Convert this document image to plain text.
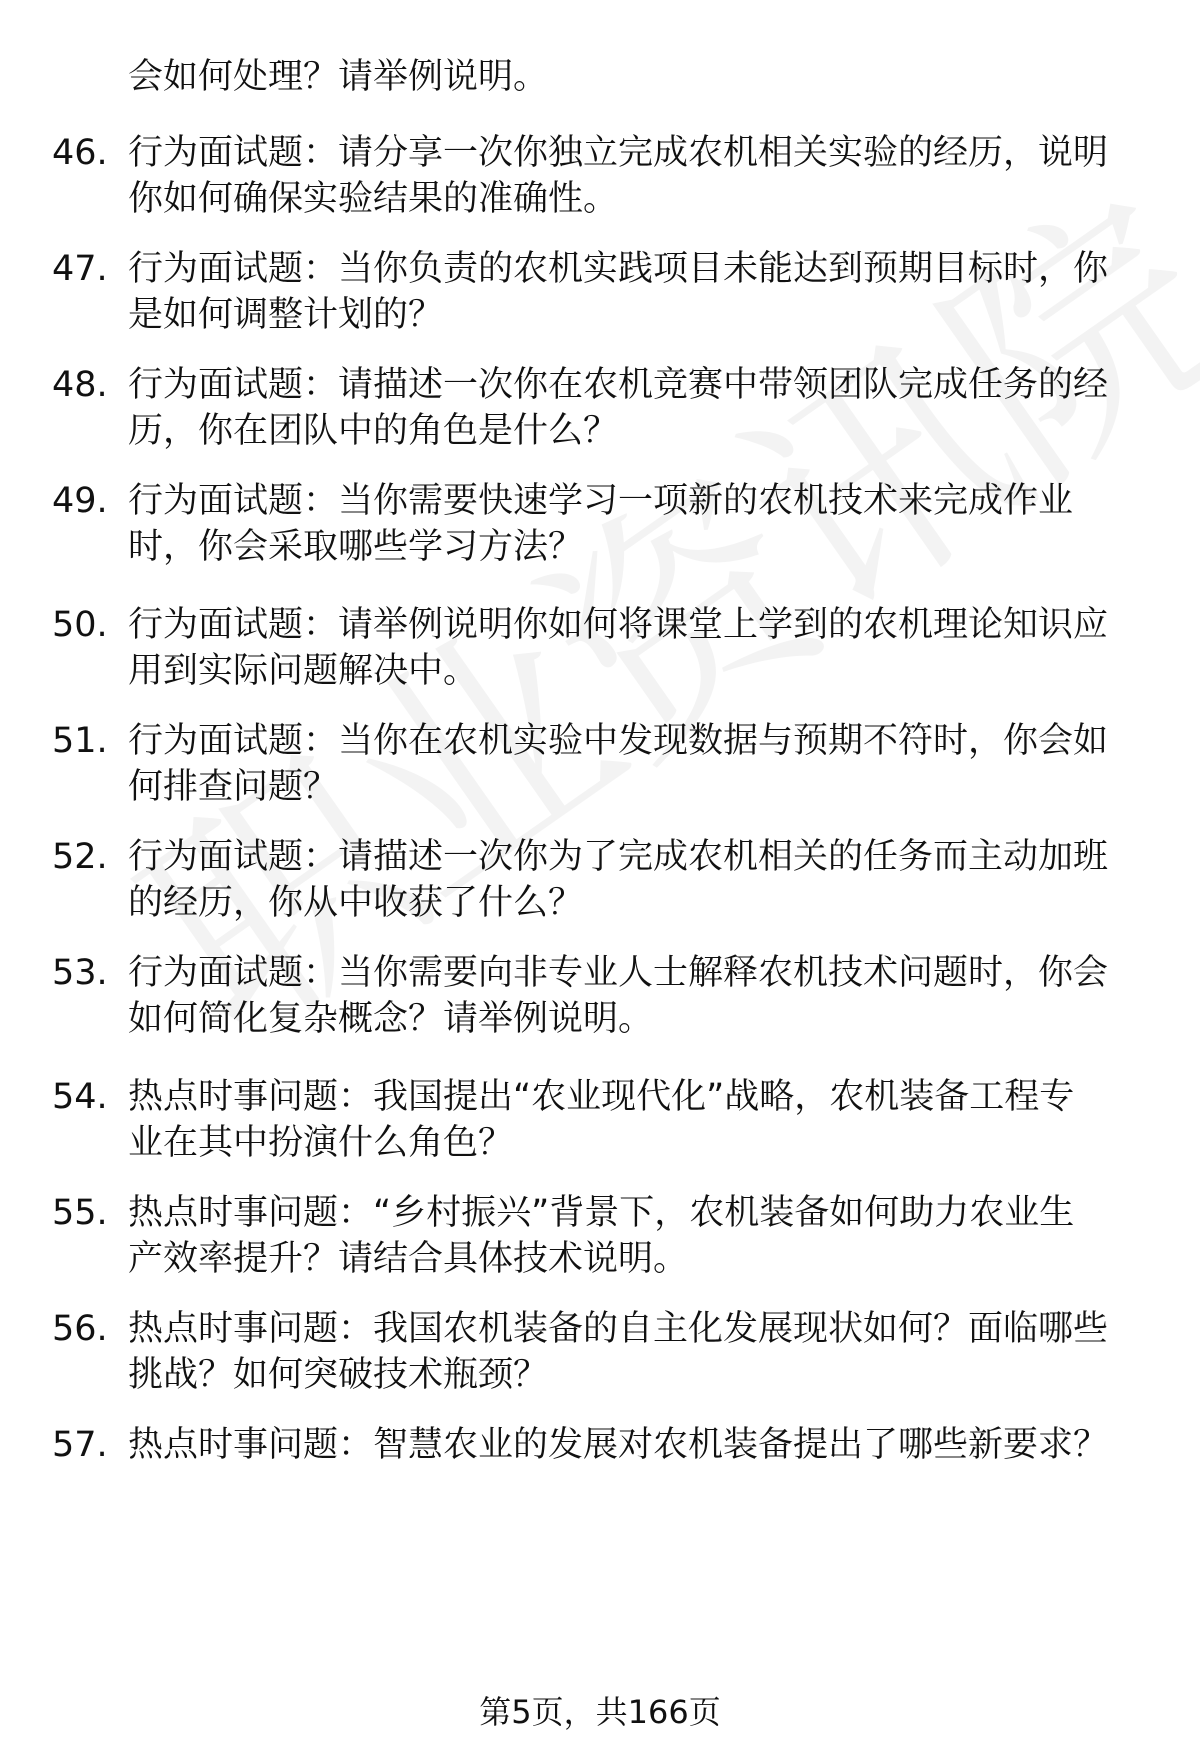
会如何处理？请举例说明。
46. 行为面试题：请分享一次你独立完成农机相关实验的经历，说明
你如何确保实验结果的准确性。
47. 行为面试题：当你负责的农机实践项目未能达到预期目标时，你
是如何调整计划的？
48. 行为面试题：请描述一次你在农机竞赛中带领团队完成任务的经
历，你在团队中的角色是什么？
49. 行为面试题：当你需要快速学习一项新的农机技术来完成作业
时，你会采取哪些学习方法？
50. 行为面试题：请举例说明你如何将课堂上学到的农机理论知识应
用到实际问题解决中。
51. 行为面试题：当你在农机实验中发现数据与预期不符时，你会如
何排查问题？
52. 行为面试题：请描述一次你为了完成农机相关的任务而主动加班
的经历，你从中收获了什么？
53. 行为面试题：当你需要向非专业人士解释农机技术问题时，你会
如何简化复杂概念？请举例说明。
54. 热点时事问题：我国提出“农业现代化”战略，农机装备工程专
业在其中扮演什么角色？
55. 热点时事问题：“乡村振兴”背景下，农机装备如何助力农业生
产效率提升？请结合具体技术说明。
56. 热点时事问题：我国农机装备的自主化发展现状如何？面临哪些
挑战？如何突破技术瓶颈？
57. 热点时事问题：智慧农业的发展对农机装备提出了哪些新要求？
第5页，共166页
